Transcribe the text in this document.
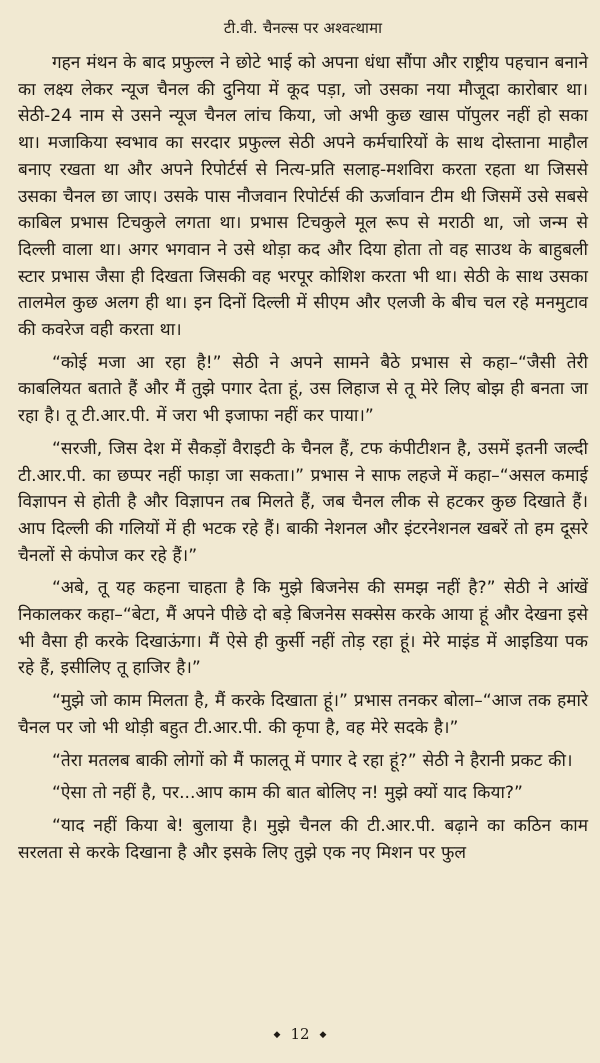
टी.वी. चैनल्स पर अश्वत्थामा

गहन मंथन के बाद प्रफुल्ल ने छोटे भाई को अपना धंधा सौंपा और राष्ट्रीय पहचान बनाने का लक्ष्य लेकर न्यूज चैनल की दुनिया में कूद पड़ा, जो उसका नया मौजूदा कारोबार था। सेठी-24 नाम से उसने न्यूज चैनल लांच किया, जो अभी कुछ खास पॉपुलर नहीं हो सका था। मजाकिया स्वभाव का सरदार प्रफुल्ल सेठी अपने कर्मचारियों के साथ दोस्ताना माहौल बनाए रखता था और अपने रिपोर्टर्स से नित्य-प्रति सलाह-मशविरा करता रहता था जिससे उसका चैनल छा जाए। उसके पास नौजवान रिपोर्टर्स की ऊर्जावान टीम थी जिसमें उसे सबसे काबिल प्रभास टिचकुले लगता था। प्रभास टिचकुले मूल रूप से मराठी था, जो जन्म से दिल्ली वाला था। अगर भगवान ने उसे थोड़ा कद और दिया होता तो वह साउथ के बाहुबली स्टार प्रभास जैसा ही दिखता जिसकी वह भरपूर कोशिश करता भी था। सेठी के साथ उसका तालमेल कुछ अलग ही था। इन दिनों दिल्ली में सीएम और एलजी के बीच चल रहे मनमुटाव की कवरेज वही करता था।

“कोई मजा आ रहा है!” सेठी ने अपने सामने बैठे प्रभास से कहा–“जैसी तेरी काबलियत बताते हैं और मैं तुझे पगार देता हूं, उस लिहाज से तू मेरे लिए बोझ ही बनता जा रहा है। तू टी.आर.पी. में जरा भी इजाफा नहीं कर पाया।”

“सरजी, जिस देश में सैकड़ों वैराइटी के चैनल हैं, टफ कंपीटीशन है, उसमें इतनी जल्दी टी.आर.पी. का छप्पर नहीं फाड़ा जा सकता।” प्रभास ने साफ लहजे में कहा–“असल कमाई विज्ञापन से होती है और विज्ञापन तब मिलते हैं, जब चैनल लीक से हटकर कुछ दिखाते हैं। आप दिल्ली की गलियों में ही भटक रहे हैं। बाकी नेशनल और इंटरनेशनल खबरें तो हम दूसरे चैनलों से कंपोज कर रहे हैं।”

“अबे, तू यह कहना चाहता है कि मुझे बिजनेस की समझ नहीं है?” सेठी ने आंखें निकालकर कहा–“बेटा, मैं अपने पीछे दो बड़े बिजनेस सक्सेस करके आया हूं और देखना इसे भी वैसा ही करके दिखाऊंगा। मैं ऐसे ही कुर्सी नहीं तोड़ रहा हूं। मेरे माइंड में आइडिया पक रहे हैं, इसीलिए तू हाजिर है।”

“मुझे जो काम मिलता है, मैं करके दिखाता हूं।” प्रभास तनकर बोला–“आज तक हमारे चैनल पर जो भी थोड़ी बहुत टी.आर.पी. की कृपा है, वह मेरे सदके है।”

“तेरा मतलब बाकी लोगों को मैं फालतू में पगार दे रहा हूं?” सेठी ने हैरानी प्रकट की।

“ऐसा तो नहीं है, पर...आप काम की बात बोलिए न! मुझे क्यों याद किया?”

“याद नहीं किया बे! बुलाया है। मुझे चैनल की टी.आर.पी. बढ़ाने का कठिन काम सरलता से करके दिखाना है और इसके लिए तुझे एक नए मिशन पर फुल

◆ 12 ◆
